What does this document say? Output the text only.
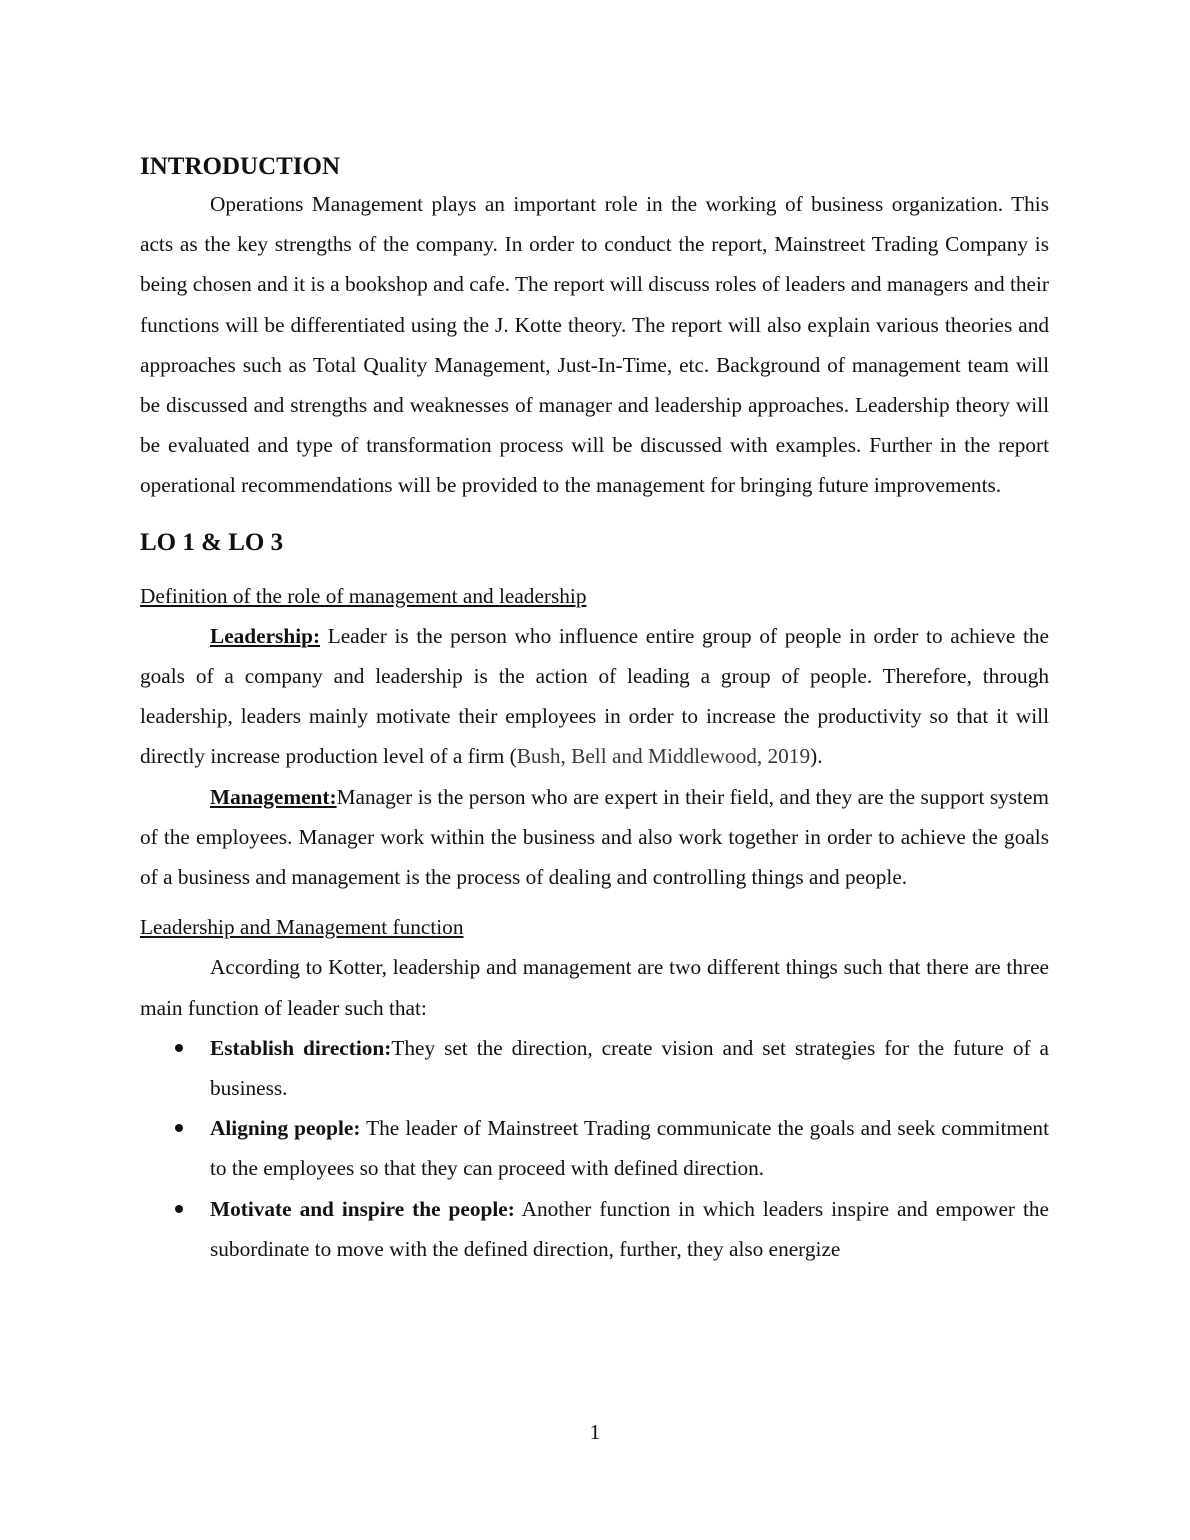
INTRODUCTION

Operations Management plays an important role in the working of business organization. This acts as the key strengths of the company. In order to conduct the report, Mainstreet Trading Company is being chosen and it is a bookshop and cafe. The report will discuss roles of leaders and managers and their functions will be differentiated using the J. Kotte theory. The report will also explain various theories and approaches such as Total Quality Management, Just-In-Time, etc. Background of management team will be discussed and strengths and weaknesses of manager and leadership approaches. Leadership theory will be evaluated and type of transformation process will be discussed with examples. Further in the report operational recommendations will be provided to the management for bringing future improvements.

LO 1 & LO 3
Definition of the role of management and leadership

Leadership: Leader is the person who influence entire group of people in order to achieve the goals of a company and leadership is the action of leading a group of people. Therefore, through leadership, leaders mainly motivate their employees in order to increase the productivity so that it will directly increase production level of a firm (Bush, Bell and Middlewood, 2019).

Management:Manager is the person who are expert in their field, and they are the support system of the employees. Manager work within the business and also work together in order to achieve the goals of a business and management is the process of dealing and controlling things and people.

Leadership and Management function

According to Kotter, leadership and management are two different things such that there are three main function of leader such that:

Establish direction:They set the direction, create vision and set strategies for the future of a business.
Aligning people: The leader of Mainstreet Trading communicate the goals and seek commitment to the employees so that they can proceed with defined direction.
Motivate and inspire the people: Another function in which leaders inspire and empower the subordinate to move with the defined direction, further, they also energize
1
